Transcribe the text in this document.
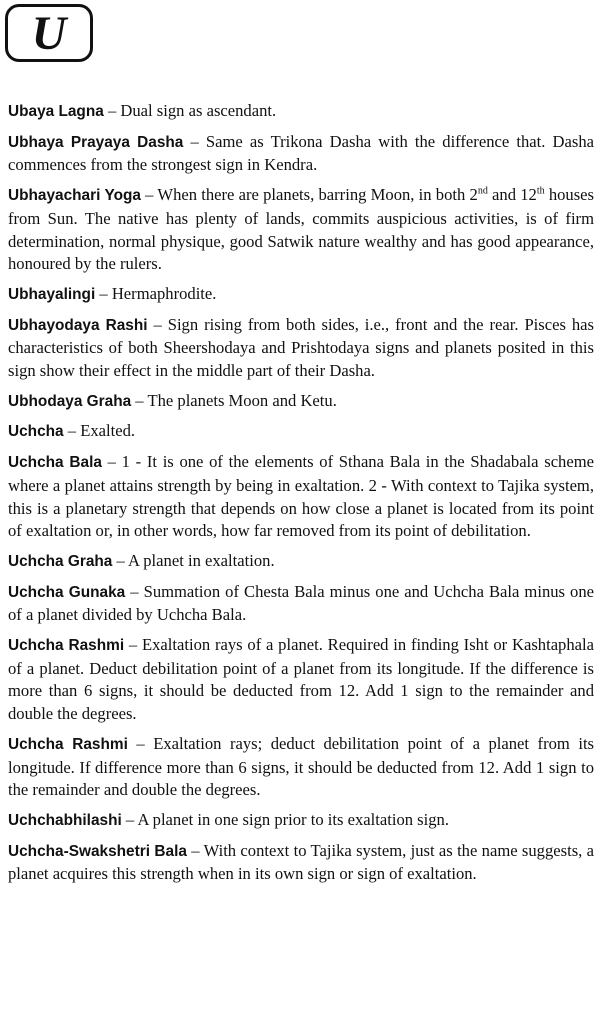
U

Ubaya Lagna – Dual sign as ascendant.

Ubhaya Prayaya Dasha – Same as Trikona Dasha with the difference that. Dasha commences from the strongest sign in Kendra.

Ubhayachari Yoga – When there are planets, barring Moon, in both 2nd and 12th houses from Sun. The native has plenty of lands, commits auspicious activities, is of firm determination, normal physique, good Satwik nature wealthy and has good appearance, honoured by the rulers.

Ubhayalingi – Hermaphrodite.

Ubhayodaya Rashi – Sign rising from both sides, i.e., front and the rear. Pisces has characteristics of both Sheershodaya and Prishtodaya signs and planets posited in this sign show their effect in the middle part of their Dasha.

Ubhodaya Graha – The planets Moon and Ketu.

Uchcha – Exalted.

Uchcha Bala – 1 - It is one of the elements of Sthana Bala in the Shadabala scheme where a planet attains strength by being in exaltation. 2 - With context to Tajika system, this is a planetary strength that depends on how close a planet is located from its point of exaltation or, in other words, how far removed from its point of debilitation.

Uchcha Graha – A planet in exaltation.

Uchcha Gunaka – Summation of Chesta Bala minus one and Uchcha Bala minus one of a planet divided by Uchcha Bala.

Uchcha Rashmi – Exaltation rays of a planet. Required in finding Isht or Kashtaphala of a planet. Deduct debilitation point of a planet from its longitude. If the difference is more than 6 signs, it should be deducted from 12. Add 1 sign to the remainder and double the degrees.

Uchcha Rashmi – Exaltation rays; deduct debilitation point of a planet from its longitude. If difference more than 6 signs, it should be deducted from 12. Add 1 sign to the remainder and double the degrees.

Uchchabhilashi – A planet in one sign prior to its exaltation sign.

Uchcha-Swakshetri Bala – With context to Tajika system, just as the name suggests, a planet acquires this strength when in its own sign or sign of exaltation.
